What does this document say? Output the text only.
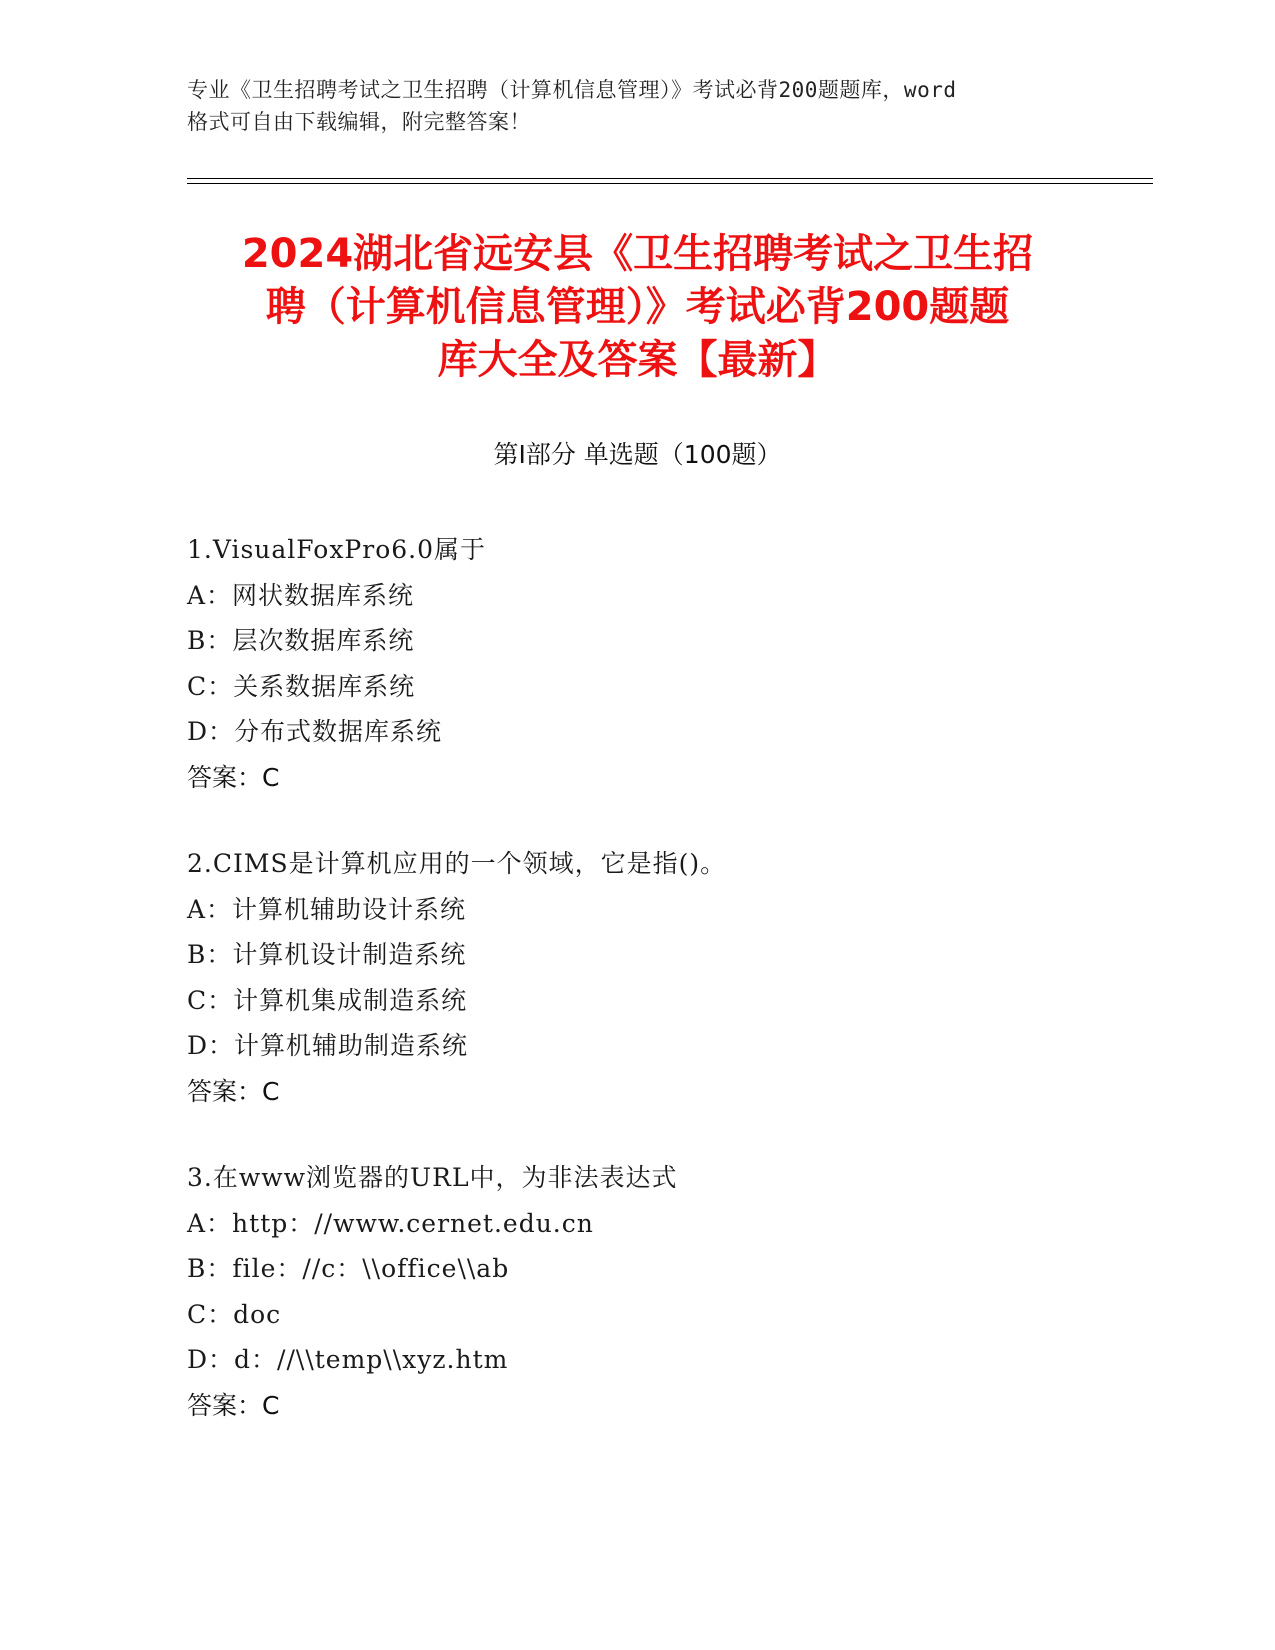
专业《卫生招聘考试之卫生招聘（计算机信息管理）》考试必背200题题库，word
格式可自由下载编辑，附完整答案！
2024湖北省远安县《卫生招聘考试之卫生招
聘（计算机信息管理）》考试必背200题题
库大全及答案【最新】
第Ⅰ部分 单选题（100题）
1.VisualFoxPro6.0属于
A：网状数据库系统
B：层次数据库系统
C：关系数据库系统
D：分布式数据库系统
答案：C
2.CIMS是计算机应用的一个领域，它是指()。
A：计算机辅助设计系统
B：计算机设计制造系统
C：计算机集成制造系统
D：计算机辅助制造系统
答案：C
3.在www浏览器的URL中，为非法表达式
A：http：//www.cernet.edu.cn
B：file：//c：\\office\\ab
C：doc
D：d：//\\temp\\xyz.htm
答案：C
